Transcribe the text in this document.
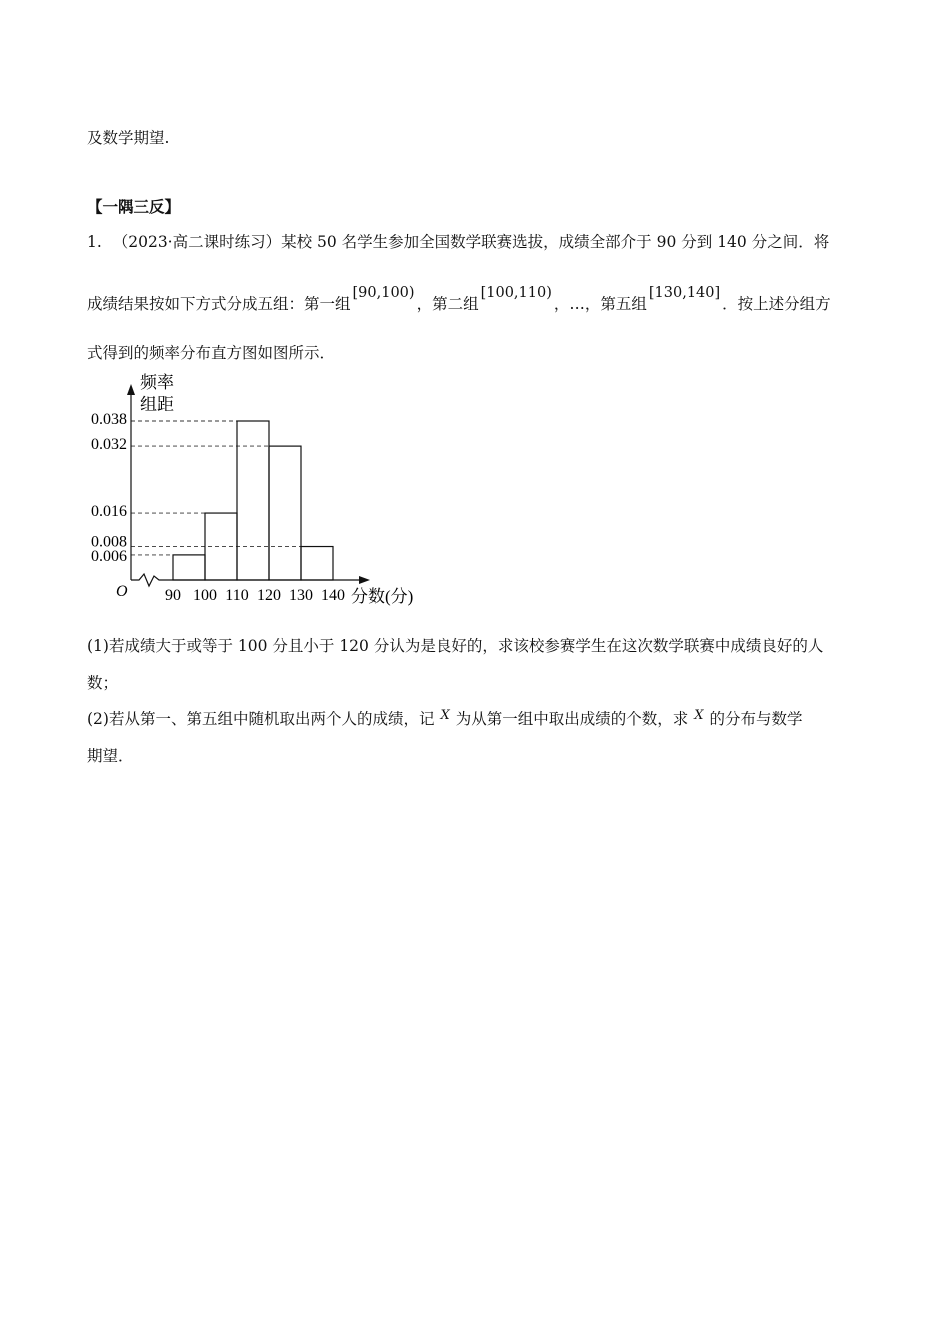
及数学期望.
【一隅三反】
1. （2023·高二课时练习）某校 50 名学生参加全国数学联赛选拔，成绩全部介于 90 分到 140 分之间．将
成绩结果按如下方式分成五组：第一组[90,100)，第二组[100,110)，…，第五组[130,140]．按上述分组方
式得到的频率分布直方图如图所示．
频率
组距
0.038
0.032
0.016
0.008
0.006
90 100 110 120 130 140
O	分数(分)
(1)若成绩大于或等于 100 分且小于 120 分认为是良好的，求该校参赛学生在这次数学联赛中成绩良好的人
数；
(2)若从第一、第五组中随机取出两个人的成绩，记 $^X$ 为从第一组中取出成绩的个数，求 $^X$ 的分布与数学
期望．
